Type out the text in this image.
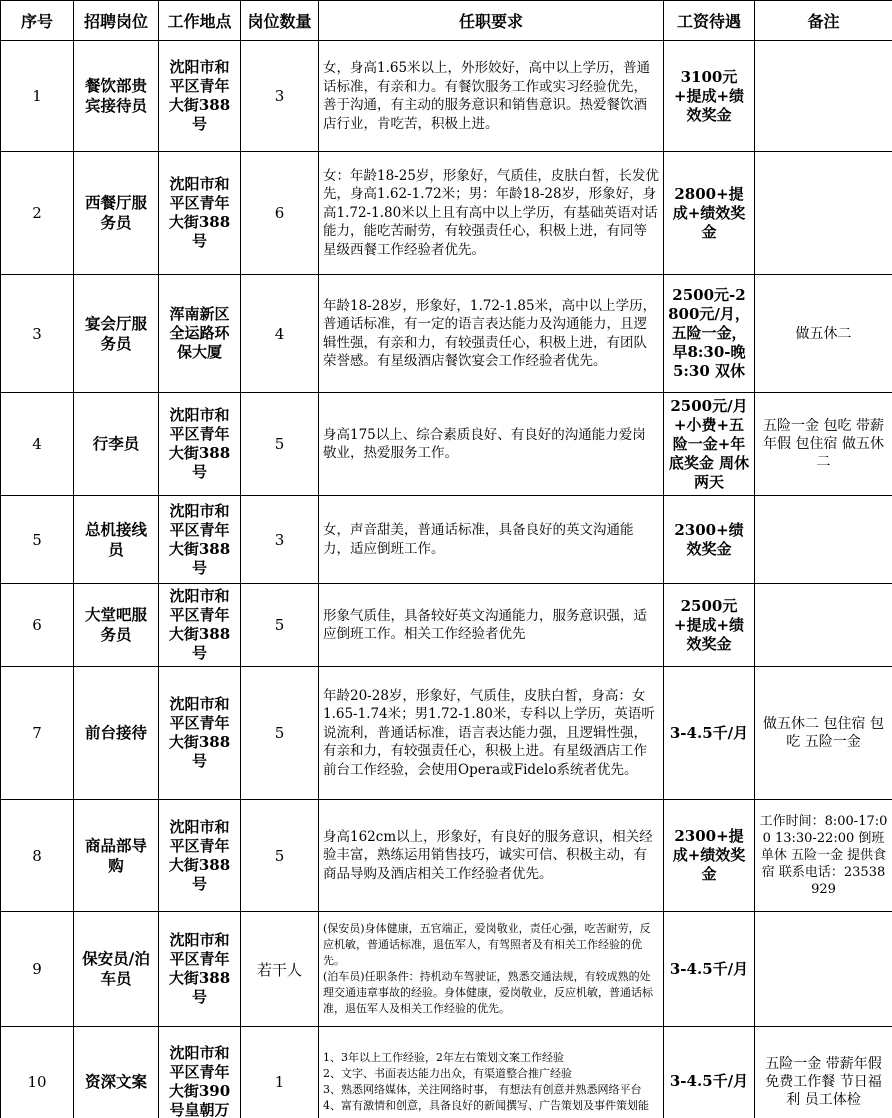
序号	招聘岗位	工作地点	岗位数量	任职要求	工资待遇	备注
1	餐饮部贵宾接待员	沈阳市和平区青年大街388号	3	女，身高1.65米以上，外形姣好，高中以上学历，普通话标准，有亲和力。有餐饮服务工作或实习经验优先，善于沟通，有主动的服务意识和销售意识。热爱餐饮酒店行业，肯吃苦，积极上进。	3100元+提成+绩效奖金	
2	西餐厅服务员	沈阳市和平区青年大街388号	6	女：年龄18-25岁，形象好，气质佳，皮肤白皙，长发优先，身高1.62-1.72米；男：年龄18-28岁，形象好，身高1.72-1.80米以上且有高中以上学历，有基础英语对话能力，能吃苦耐劳，有较强责任心，积极上进，有同等星级西餐工作经验者优先。	2800+提成+绩效奖金	
3	宴会厅服务员	浑南新区全运路环保大厦	4	年龄18-28岁，形象好，1.72-1.85米，高中以上学历，普通话标准，有一定的语言表达能力及沟通能力，且逻辑性强，有亲和力，有较强责任心，积极上进，有团队荣誉感。有星级酒店餐饮宴会工作经验者优先。	2500元-2800元/月，五险一金，早8:30-晚5:30 双休	做五休二
4	行李员	沈阳市和平区青年大街388号	5	身高175以上、综合素质良好、有良好的沟通能力爱岗敬业，热爱服务工作。	2500元/月+小费+五险一金+年底奖金 周休两天	五险一金 包吃 带薪年假 包住宿 做五休二
5	总机接线员	沈阳市和平区青年大街388号	3	女，声音甜美，普通话标准，具备良好的英文沟通能力，适应倒班工作。	2300+绩效奖金	
6	大堂吧服务员	沈阳市和平区青年大街388号	5	形象气质佳，具备较好英文沟通能力，服务意识强，适应倒班工作。相关工作经验者优先	2500元+提成+绩效奖金	
7	前台接待	沈阳市和平区青年大街388号	5	年龄20-28岁，形象好，气质佳，皮肤白皙，身高：女 1.65-1.74米；男1.72-1.80米，专科以上学历，英语听说流利，普通话标准，语言表达能力强，且逻辑性强，有亲和力，有较强责任心，积极上进。有星级酒店工作前台工作经验，会使用Opera或Fidelo系统者优先。	3-4.5千/月	做五休二 包住宿 包吃 五险一金
8	商品部导购	沈阳市和平区青年大街388号	5	身高162cm以上，形象好，有良好的服务意识，相关经验丰富，熟练运用销售技巧，诚实可信、积极主动，有商品导购及酒店相关工作经验者优先。	2300+提成+绩效奖金	工作时间：8:00-17:00 13:30-22:00 倒班 单休 五险一金 提供食宿 联系电话：23538929
9	保安员/泊车员	沈阳市和平区青年大街388号	若干人	(保安员)身体健康，五官端正，爱岗敬业，责任心强，吃苦耐劳，反应机敏，普通话标准，退伍军人，有驾照者及有相关工作经验的优先。
(泊车员)任职条件：持机动车驾驶证，熟悉交通法规，有较成熟的处理交通违章事故的经验。身体健康，爱岗敬业，反应机敏，普通话标准，退伍军人及相关工作经验的优先。	3-4.5千/月	
10	资深文案	沈阳市和平区青年大街390号皇朝万	1	1、3年以上工作经验，2年左右策划文案工作经验
2、文字、书面表达能力出众，有渠道整合推广经验
3、熟悉网络媒体，关注网络时事， 有想法有创意并熟悉网络平台
4、富有激情和创意，具备良好的新闻撰写、广告策划及事件策划能	3-4.5千/月	五险一金 带薪年假 免费工作餐 节日福利 员工体检
